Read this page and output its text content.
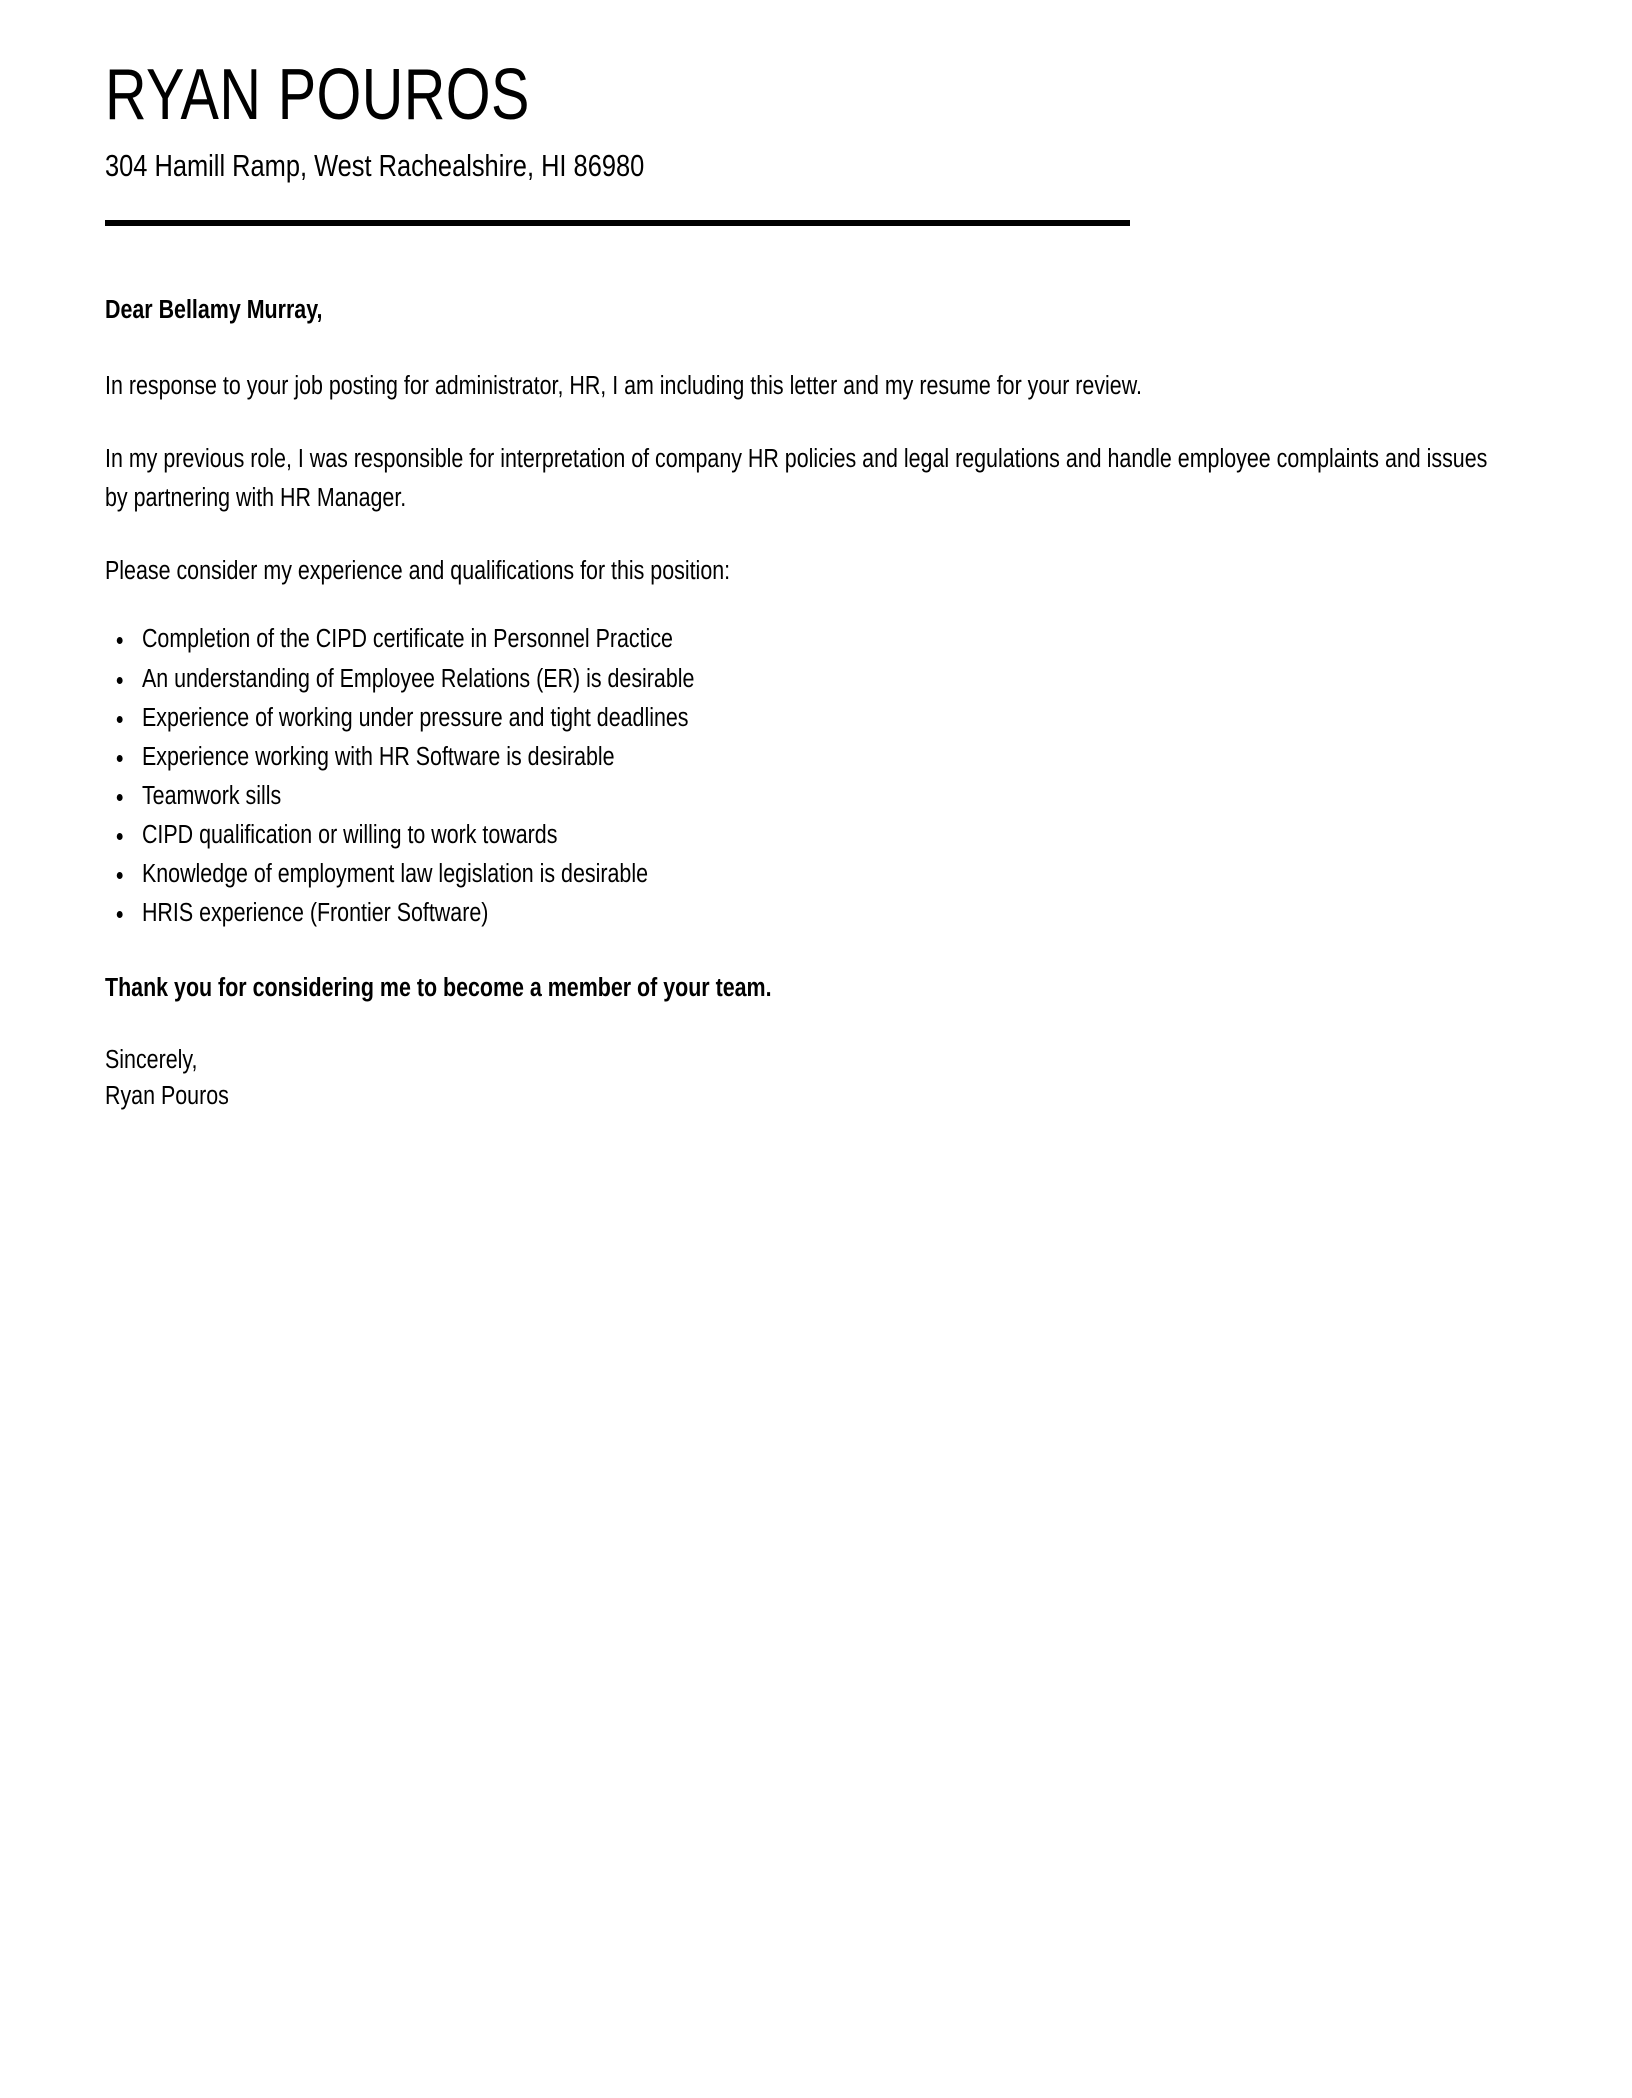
RYAN POUROS
304 Hamill Ramp, West Rachealshire, HI 86980

Dear Bellamy Murray,

In response to your job posting for administrator, HR, I am including this letter and my resume for your review.

In my previous role, I was responsible for interpretation of company HR policies and legal regulations and handle employee complaints and issues by partnering with HR Manager.

Please consider my experience and qualifications for this position:

Completion of the CIPD certificate in Personnel Practice
An understanding of Employee Relations (ER) is desirable
Experience of working under pressure and tight deadlines
Experience working with HR Software is desirable
Teamwork sills
CIPD qualification or willing to work towards
Knowledge of employment law legislation is desirable
HRIS experience (Frontier Software)

Thank you for considering me to become a member of your team.

Sincerely,

Ryan Pouros
